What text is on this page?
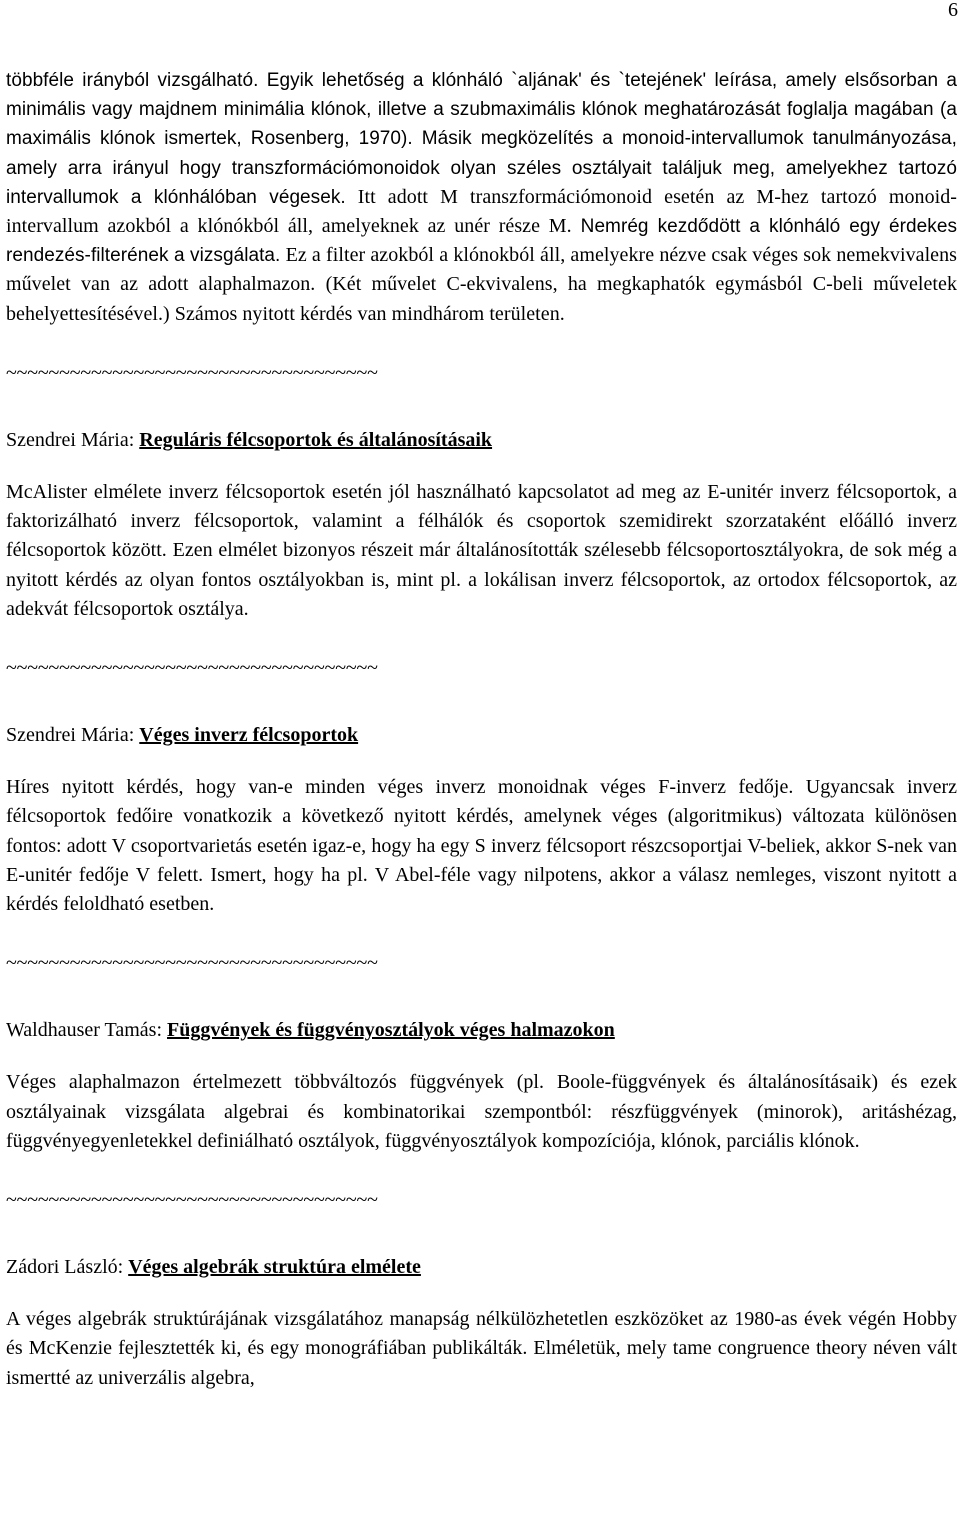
6

többféle irányból vizsgálható. Egyik lehetőség a klónháló `aljának' és `tetejének' leírása, amely elsősorban a minimális vagy majdnem minimália klónok, illetve a szubmaximális klónok meghatározását foglalja magában (a maximális klónok ismertek, Rosenberg, 1970). Másik megközelítés a monoid-intervallumok tanulmányozása, amely arra irányul hogy transzformációmonoidok olyan széles osztályait találjuk meg, amelyekhez tartozó intervallumok a klónhálóban végesek. Itt adott M transzformációmonoid esetén az M-hez tartozó monoid-intervallum azokból a klónókból áll, amelyeknek az unér része M. Nemrég kezdődött a klónháló egy érdekes rendezés-filterének a vizsgálata. Ez a filter azokból a klónokból áll, amelyekre nézve csak véges sok nemekvivalens művelet van az adott alaphalmazon. (Két művelet C-ekvivalens, ha megkaphatók egymásból C-beli műveletek behelyettesítésével.) Számos nyitott kérdés van mindhárom területen.

~~~~~~~~~~~~~~~~~~~~~~~~~~~~~~~~~~~
Szendrei Mária: Reguláris félcsoportok és általánosításaik

McAlister elmélete inverz félcsoportok esetén jól használható kapcsolatot ad meg az E-unitér inverz félcsoportok, a faktorizálható inverz félcsoportok, valamint a félhálók és csoportok szemidirekt szorzataként előálló inverz félcsoportok között. Ezen elmélet bizonyos részeit már általánosították szélesebb félcsoportosztályokra, de sok még a nyitott kérdés az olyan fontos osztályokban is, mint pl. a lokálisan inverz félcsoportok, az ortodox félcsoportok, az adekvát félcsoportok osztálya.

~~~~~~~~~~~~~~~~~~~~~~~~~~~~~~~~~~~
Szendrei Mária: Véges inverz félcsoportok

Híres nyitott kérdés, hogy van-e minden véges inverz monoidnak véges F-inverz fedője. Ugyancsak inverz félcsoportok fedőire vonatkozik a következő nyitott kérdés, amelynek véges (algoritmikus) változata különösen fontos: adott V csoportvarietás esetén igaz-e, hogy ha egy S inverz félcsoport részcsoportjai V-beliek, akkor S-nek van E-unitér fedője V felett. Ismert, hogy ha pl. V Abel-féle vagy nilpotens, akkor a válasz nemleges, viszont nyitott a kérdés feloldható esetben.

~~~~~~~~~~~~~~~~~~~~~~~~~~~~~~~~~~~
Waldhauser Tamás: Függvények és függvényosztályok véges halmazokon

Véges alaphalmazon értelmezett többváltozós függvények (pl. Boole-függvények és általánosításaik) és ezek osztályainak vizsgálata algebrai és kombinatorikai szempontból: részfüggvények (minorok), aritáshézag, függvényegyenletekkel definiálható osztályok, függvényosztályok kompozíciója, klónok, parciális klónok.

~~~~~~~~~~~~~~~~~~~~~~~~~~~~~~~~~~~
Zádori László: Véges algebrák struktúra elmélete

A véges algebrák struktúrájának vizsgálatához manapság nélkülözhetetlen eszközöket az 1980-as évek végén Hobby és McKenzie fejlesztették ki, és egy monográfiában publikálták. Elméletük, mely tame congruence theory néven vált ismertté az univerzális algebra,
